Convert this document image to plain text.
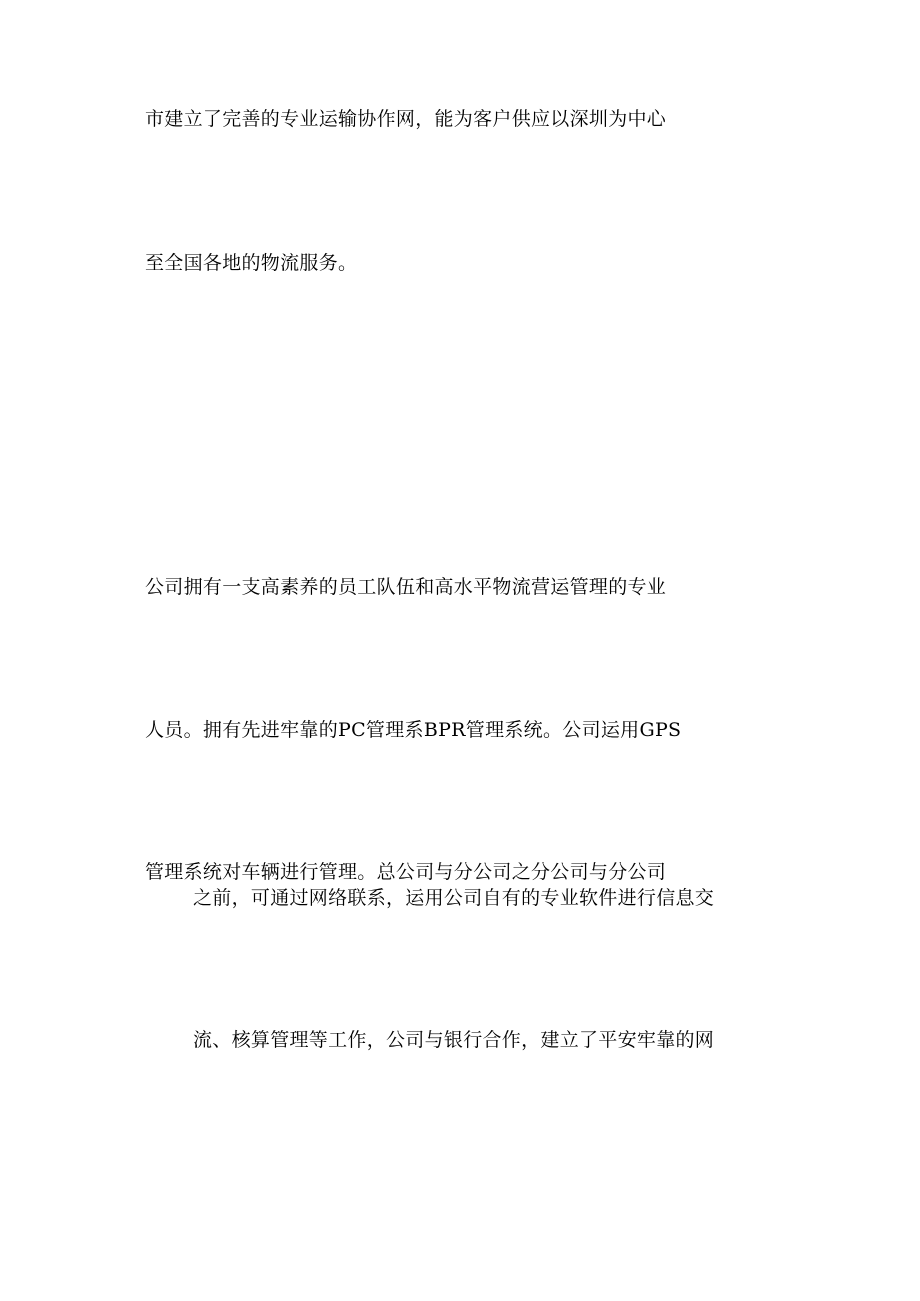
市建立了完善的专业运输协作网，能为客户供应以深圳为中心
至全国各地的物流服务。
公司拥有一支高素养的员工队伍和高水平物流营运管理的专业
人员。拥有先进牢靠的PC管理系BPR管理系统。公司运用GPS
管理系统对车辆进行管理。总公司与分公司之分公司与分公司
之前，可通过网络联系，运用公司自有的专业软件进行信息交
流、核算管理等工作，公司与银行合作，建立了平安牢靠的网
